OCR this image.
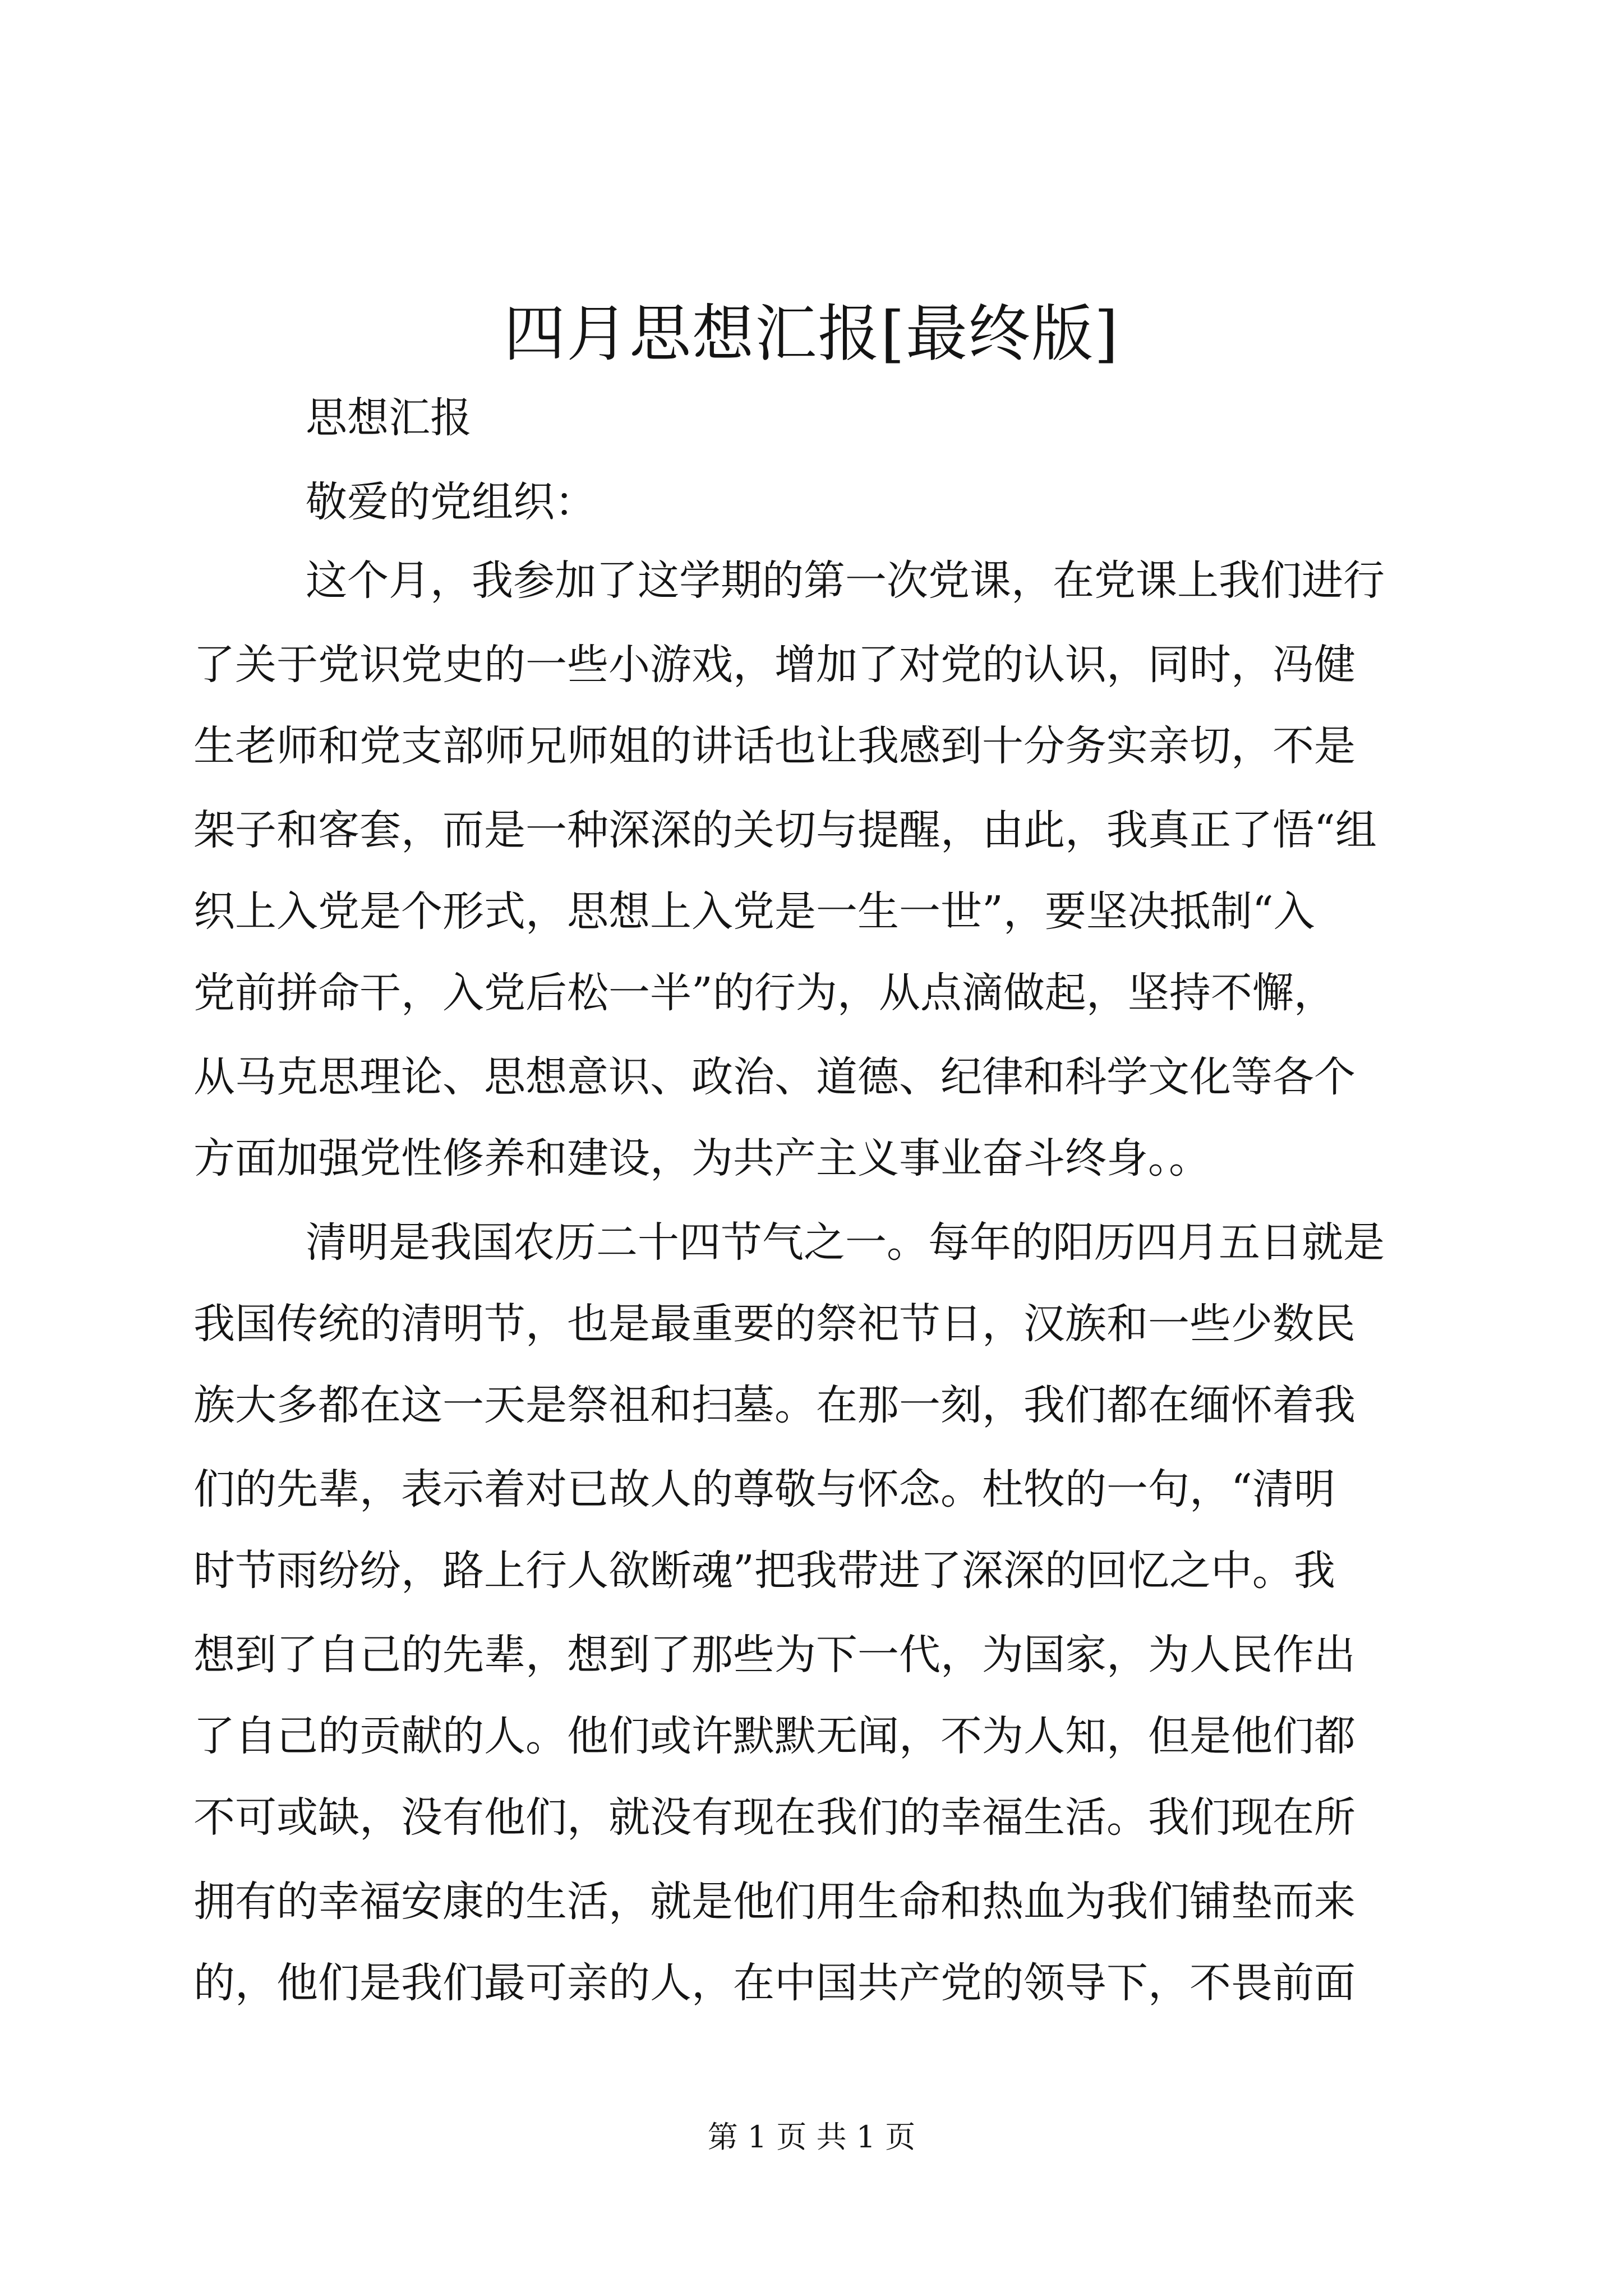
四月思想汇报[最终版]

思想汇报

敬爱的党组织：

这个月，我参加了这学期的第一次党课，在党课上我们进行

了关于党识党史的一些小游戏，增加了对党的认识，同时，冯健

生老师和党支部师兄师姐的讲话也让我感到十分务实亲切，不是

架子和客套，而是一种深深的关切与提醒，由此，我真正了悟“组

织上入党是个形式，思想上入党是一生一世”，要坚决抵制“入

党前拼命干，入党后松一半”的行为，从点滴做起，坚持不懈，

从马克思理论、思想意识、政治、道德、纪律和科学文化等各个

方面加强党性修养和建设，为共产主义事业奋斗终身。。

清明是我国农历二十四节气之一。每年的阳历四月五日就是

我国传统的清明节，也是最重要的祭祀节日，汉族和一些少数民

族大多都在这一天是祭祖和扫墓。在那一刻，我们都在缅怀着我

们的先辈，表示着对已故人的尊敬与怀念。杜牧的一句，“清明

时节雨纷纷，路上行人欲断魂”把我带进了深深的回忆之中。我

想到了自己的先辈，想到了那些为下一代，为国家，为人民作出

了自己的贡献的人。他们或许默默无闻，不为人知，但是他们都

不可或缺，没有他们，就没有现在我们的幸福生活。我们现在所

拥有的幸福安康的生活，就是他们用生命和热血为我们铺垫而来

的，他们是我们最可亲的人，在中国共产党的领导下，不畏前面

第 1 页 共 1 页
